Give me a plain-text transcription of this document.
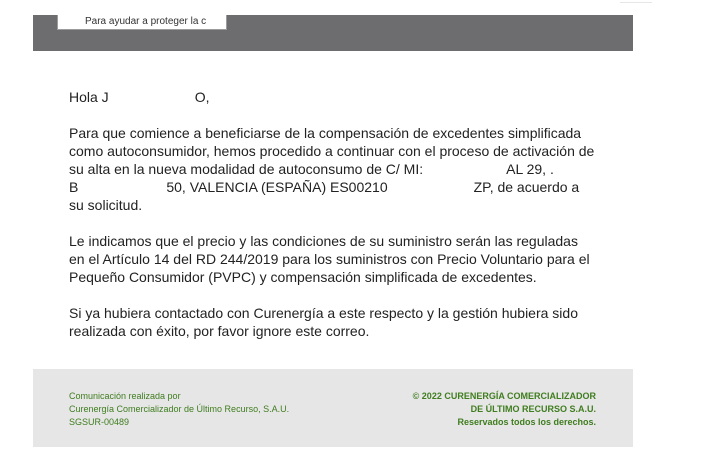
Para ayudar a proteger la c

Hola J	O,

Para que comience a beneficiarse de la compensación de excedentes simplificada
como autoconsumidor, hemos procedido a continuar con el proceso de activación de
su alta en la nueva modalidad de autoconsumo de C/ MI:	AL 29, .
B	50, VALENCIA (ESPAÑA) ES00210	ZP, de acuerdo a
su solicitud.

Le indicamos que el precio y las condiciones de su suministro serán las reguladas
en el Artículo 14 del RD 244/2019 para los suministros con Precio Voluntario para el
Pequeño Consumidor (PVPC) y compensación simplificada de excedentes.

Si ya hubiera contactado con Curenergía a este respecto y la gestión hubiera sido
realizada con éxito, por favor ignore este correo.

Comunicación realizada por
Curenergía Comercializador de Último Recurso, S.A.U.
SGSUR-00489
© 2022 CURENERGÍA COMERCIALIZADOR
DE ÚLTIMO RECURSO S.A.U.
Reservados todos los derechos.
